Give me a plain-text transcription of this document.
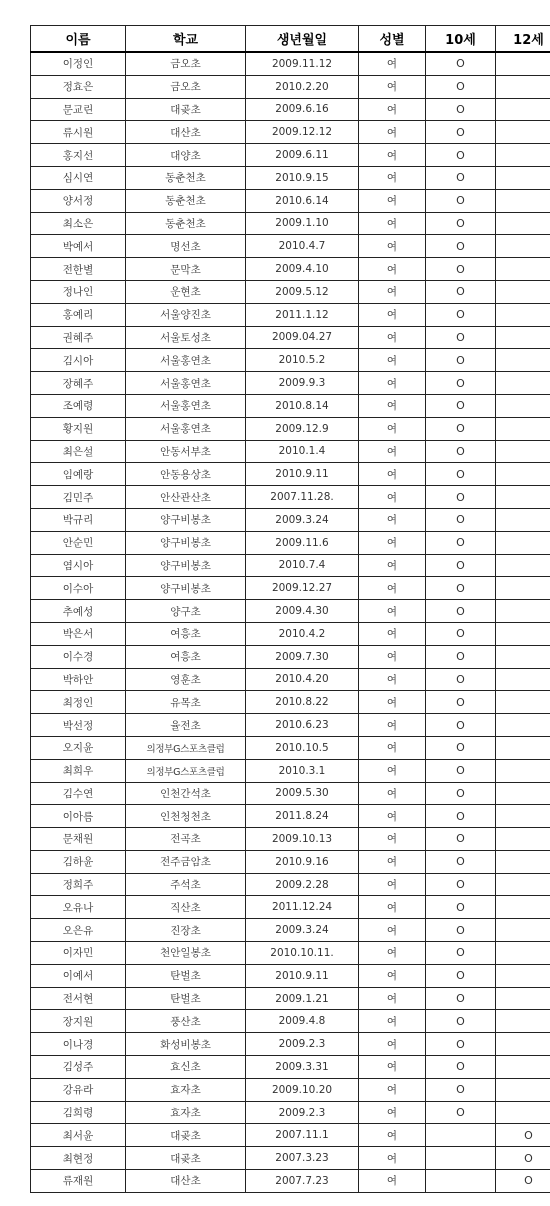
이름	학교	생년월일	성별	10세	12세
이정인	금오초	2009.11.12	여	O	
정효은	금오초	2010.2.20	여	O	
문교린	대곶초	2009.6.16	여	O	
류시원	대산초	2009.12.12	여	O	
홍지선	대양초	2009.6.11	여	O	
심시연	동춘천초	2010.9.15	여	O	
양서정	동춘천초	2010.6.14	여	O	
최소은	동춘천초	2009.1.10	여	O	
박예서	명선초	2010.4.7	여	O	
전한별	문막초	2009.4.10	여	O	
정나인	운현초	2009.5.12	여	O	
홍예리	서울양진초	2011.1.12	여	O	
권혜주	서울토성초	2009.04.27	여	O	
김시아	서울홍연초	2010.5.2	여	O	
장혜주	서울홍연초	2009.9.3	여	O	
조예령	서울홍연초	2010.8.14	여	O	
황지원	서울홍연초	2009.12.9	여	O	
최은설	안동서부초	2010.1.4	여	O	
임예랑	안동용상초	2010.9.11	여	O	
김민주	안산관산초	2007.11.28.	여	O	
박규리	양구비봉초	2009.3.24	여	O	
안순민	양구비봉초	2009.11.6	여	O	
염시아	양구비봉초	2010.7.4	여	O	
이수아	양구비봉초	2009.12.27	여	O	
추예성	양구초	2009.4.30	여	O	
박은서	여흥초	2010.4.2	여	O	
이수경	여흥초	2009.7.30	여	O	
박하안	영훈초	2010.4.20	여	O	
최정인	유목초	2010.8.22	여	O	
박선정	율전초	2010.6.23	여	O	
오지윤	의정부G스포츠클럽	2010.10.5	여	O	
최희우	의정부G스포츠클럽	2010.3.1	여	O	
김수연	인천간석초	2009.5.30	여	O	
이아름	인천청천초	2011.8.24	여	O	
문채원	전곡초	2009.10.13	여	O	
김하윤	전주금암초	2010.9.16	여	O	
정희주	주석초	2009.2.28	여	O	
오유나	직산초	2011.12.24	여	O	
오은유	진장초	2009.3.24	여	O	
이자민	천안일봉초	2010.10.11.	여	O	
이예서	탄벌초	2010.9.11	여	O	
전서현	탄벌초	2009.1.21	여	O	
장지원	풍산초	2009.4.8	여	O	
이나경	화성비봉초	2009.2.3	여	O	
김성주	효신초	2009.3.31	여	O	
강유라	효자초	2009.10.20	여	O	
김희령	효자초	2009.2.3	여	O	
최서윤	대곶초	2007.11.1	여		O
최현정	대곶초	2007.3.23	여		O
류재원	대산초	2007.7.23	여		O
